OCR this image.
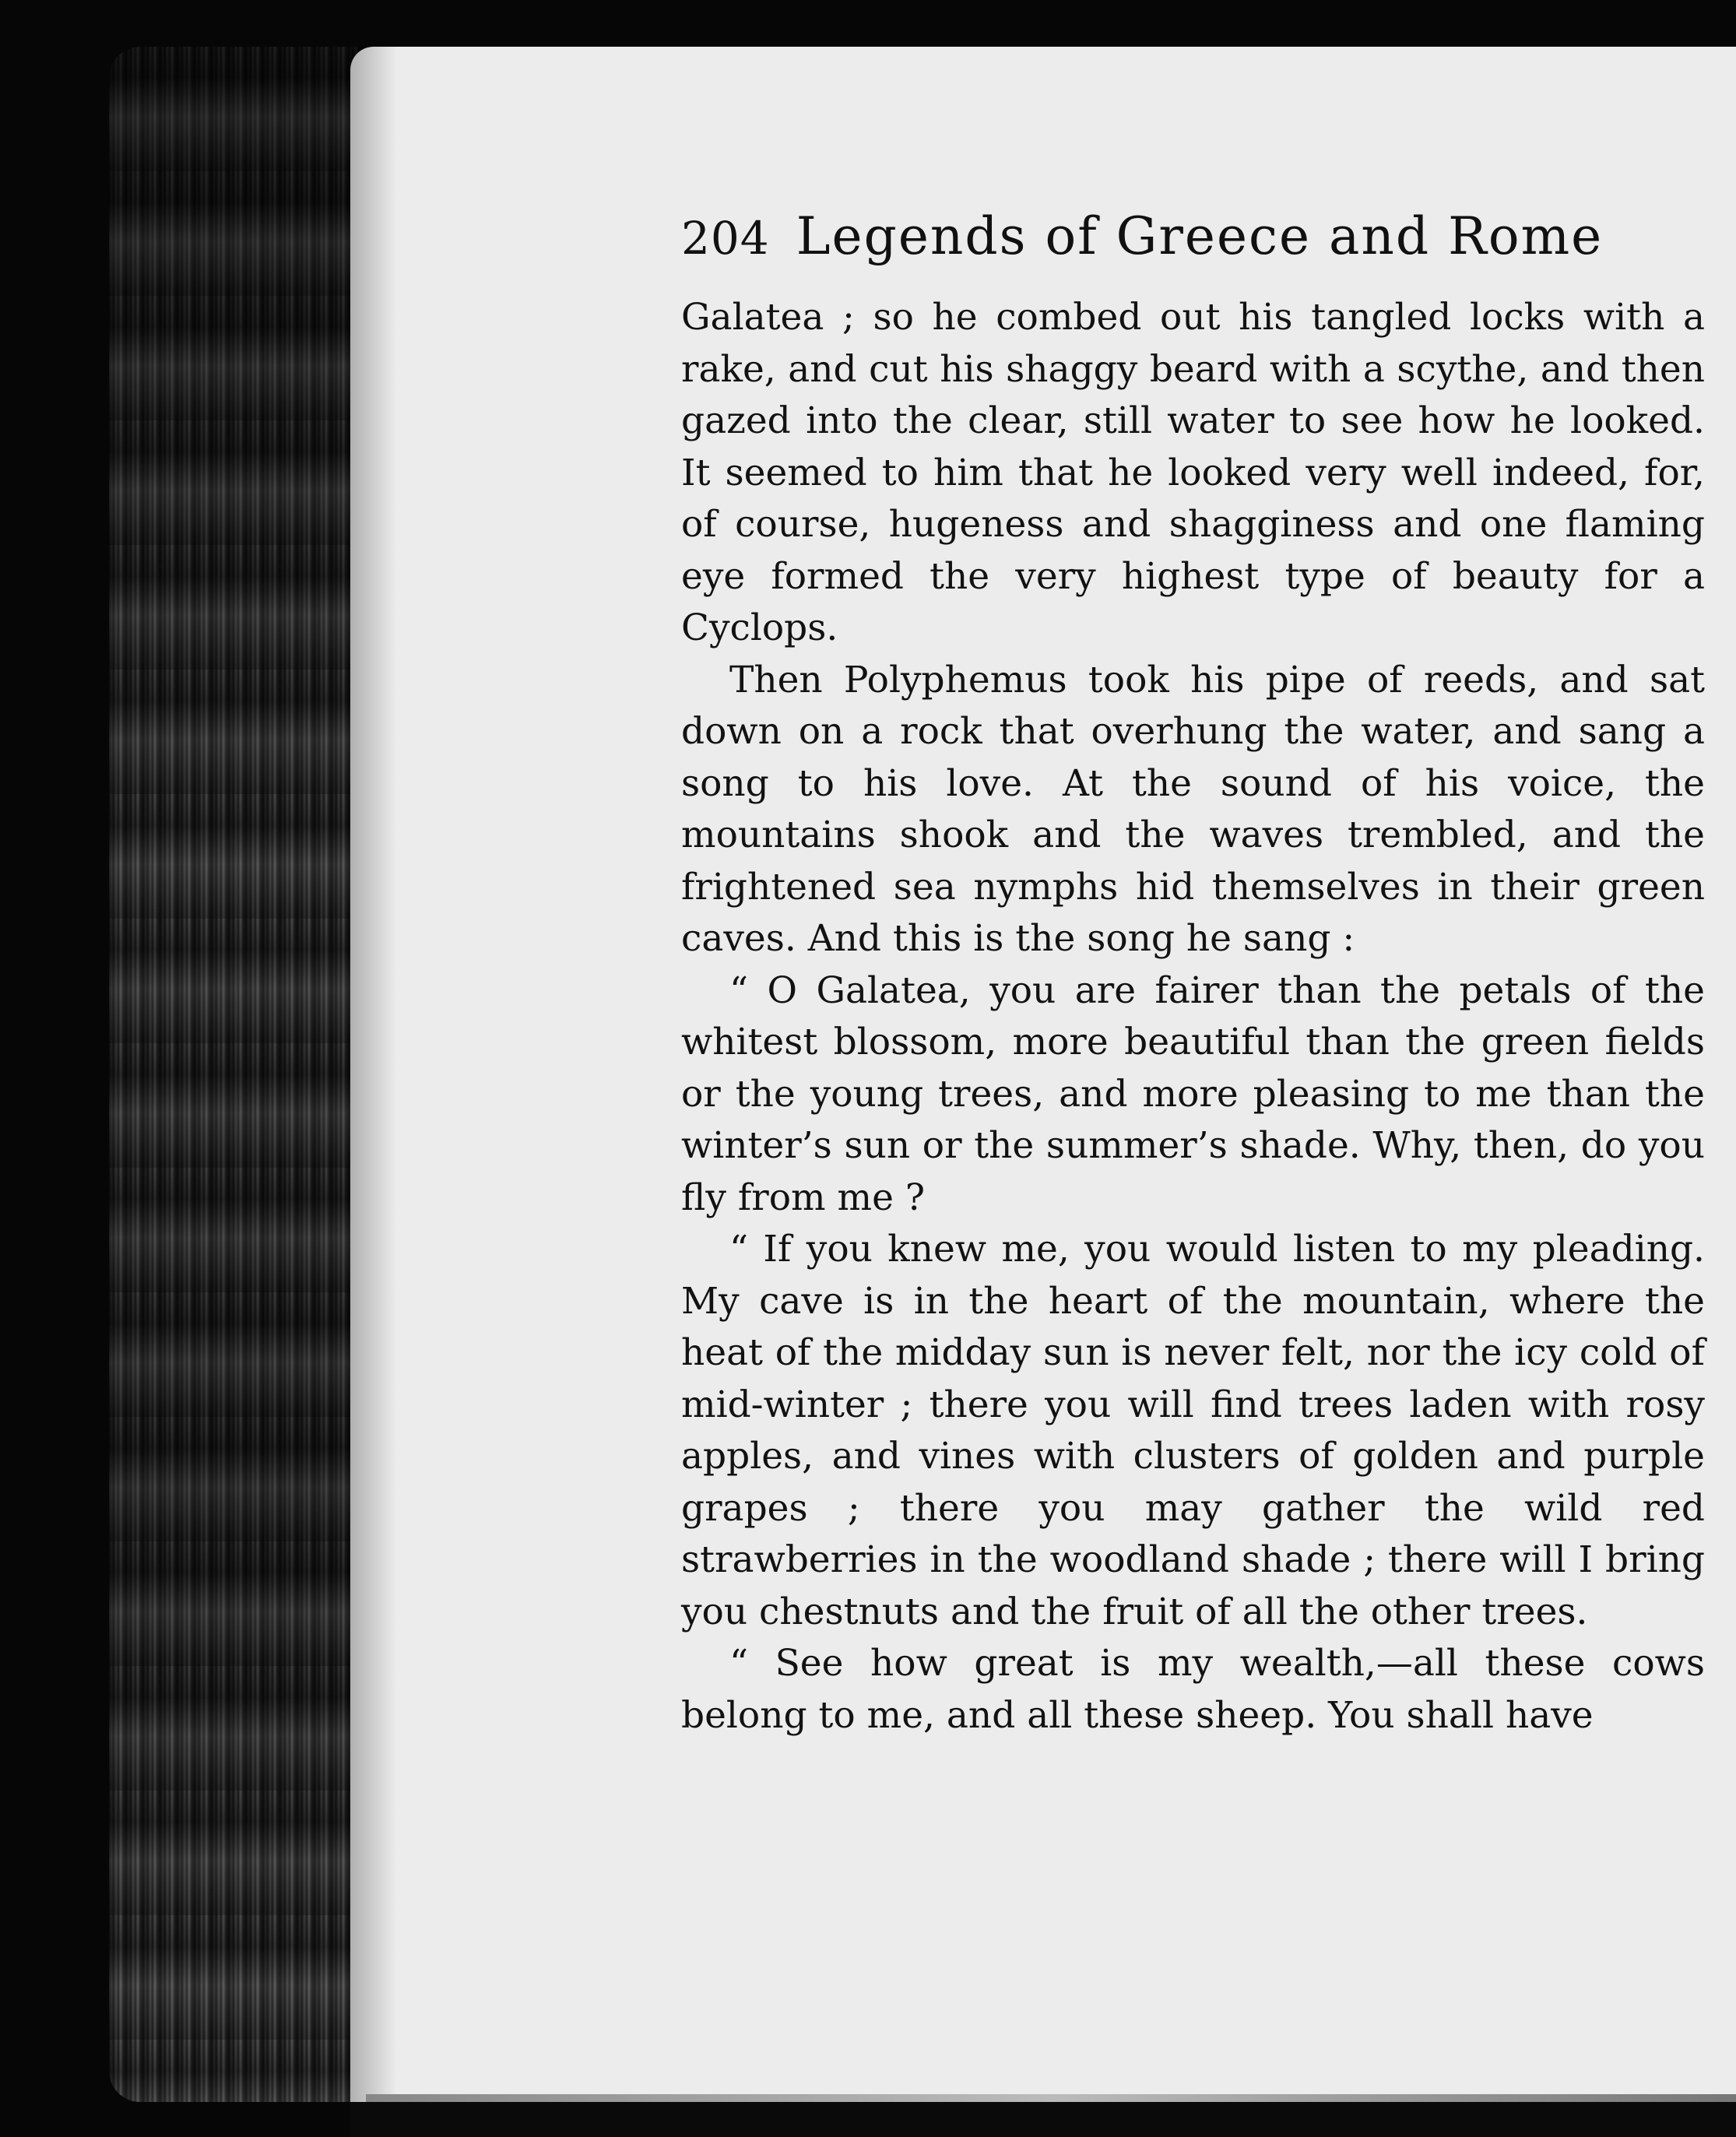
204 Legends of Greece and Rome

Galatea ; so he combed out his tangled locks with a rake, and cut his shaggy beard with a scythe, and then gazed into the clear, still water to see how he looked. It seemed to him that he looked very well indeed, for, of course, hugeness and shagginess and one flaming eye formed the very highest type of beauty for a Cyclops.

Then Polyphemus took his pipe of reeds, and sat down on a rock that overhung the water, and sang a song to his love. At the sound of his voice, the mountains shook and the waves trembled, and the frightened sea nymphs hid themselves in their green caves. And this is the song he sang :

“ O Galatea, you are fairer than the petals of the whitest blossom, more beautiful than the green fields or the young trees, and more pleasing to me than the winter’s sun or the summer’s shade. Why, then, do you fly from me ?

“ If you knew me, you would listen to my pleading. My cave is in the heart of the mountain, where the heat of the midday sun is never felt, nor the icy cold of mid-winter ; there you will find trees laden with rosy apples, and vines with clusters of golden and purple grapes ; there you may gather the wild red strawberries in the woodland shade ; there will I bring you chestnuts and the fruit of all the other trees.

“ See how great is my wealth,—all these cows belong to me, and all these sheep. You shall have
